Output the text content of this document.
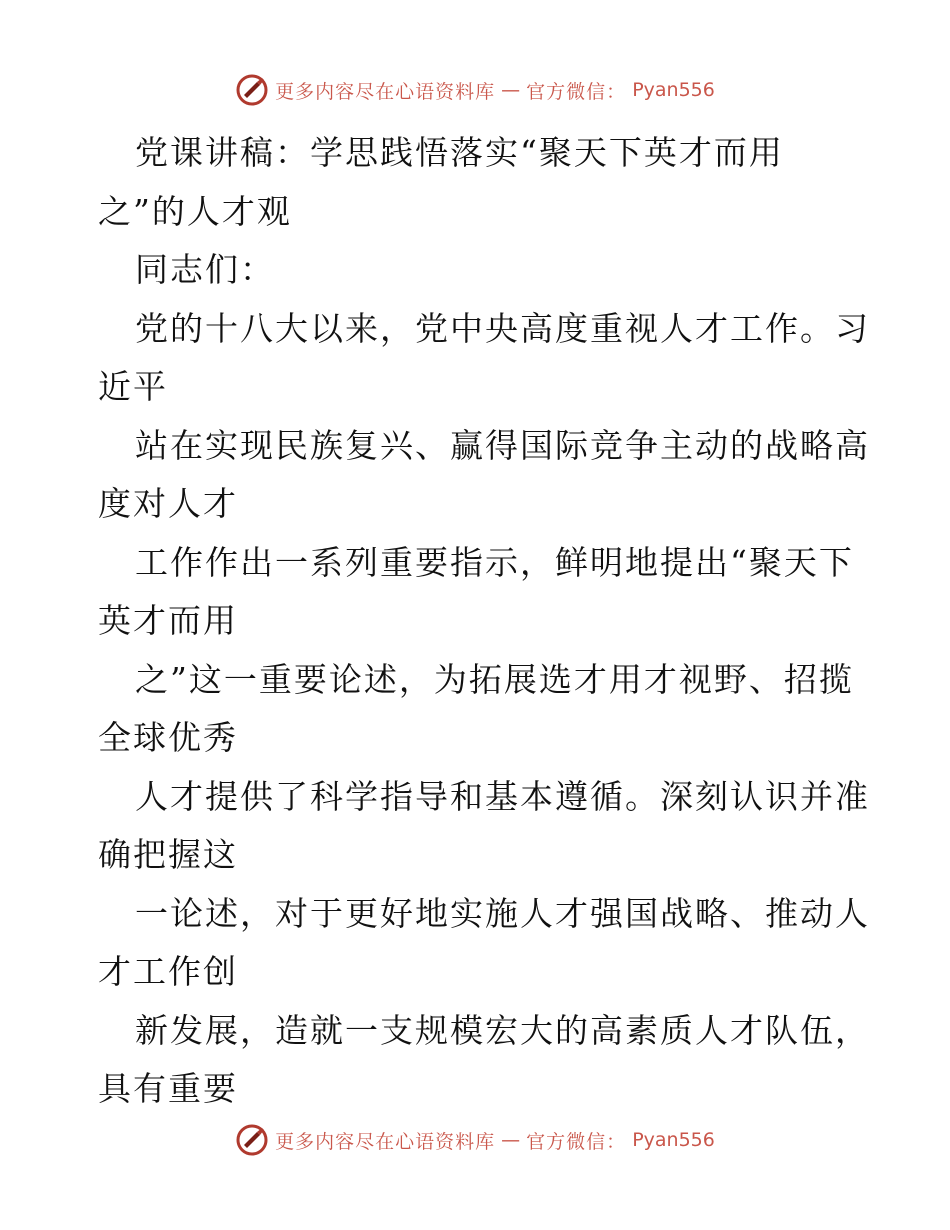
更多内容尽在心语资料库 — 官方微信： Pyan556
党课讲稿：学思践悟落实“聚天下英才而用
之”的人才观
同志们：
党的十八大以来，党中央高度重视人才工作。习
近平
站在实现民族复兴、赢得国际竞争主动的战略高
度对人才
工作作出一系列重要指示，鲜明地提出“聚天下
英才而用
之”这一重要论述，为拓展选才用才视野、招揽
全球优秀
人才提供了科学指导和基本遵循。深刻认识并准
确把握这
一论述，对于更好地实施人才强国战略、推动人
才工作创
新发展，造就一支规模宏大的高素质人才队伍，
具有重要
更多内容尽在心语资料库 — 官方微信： Pyan556
